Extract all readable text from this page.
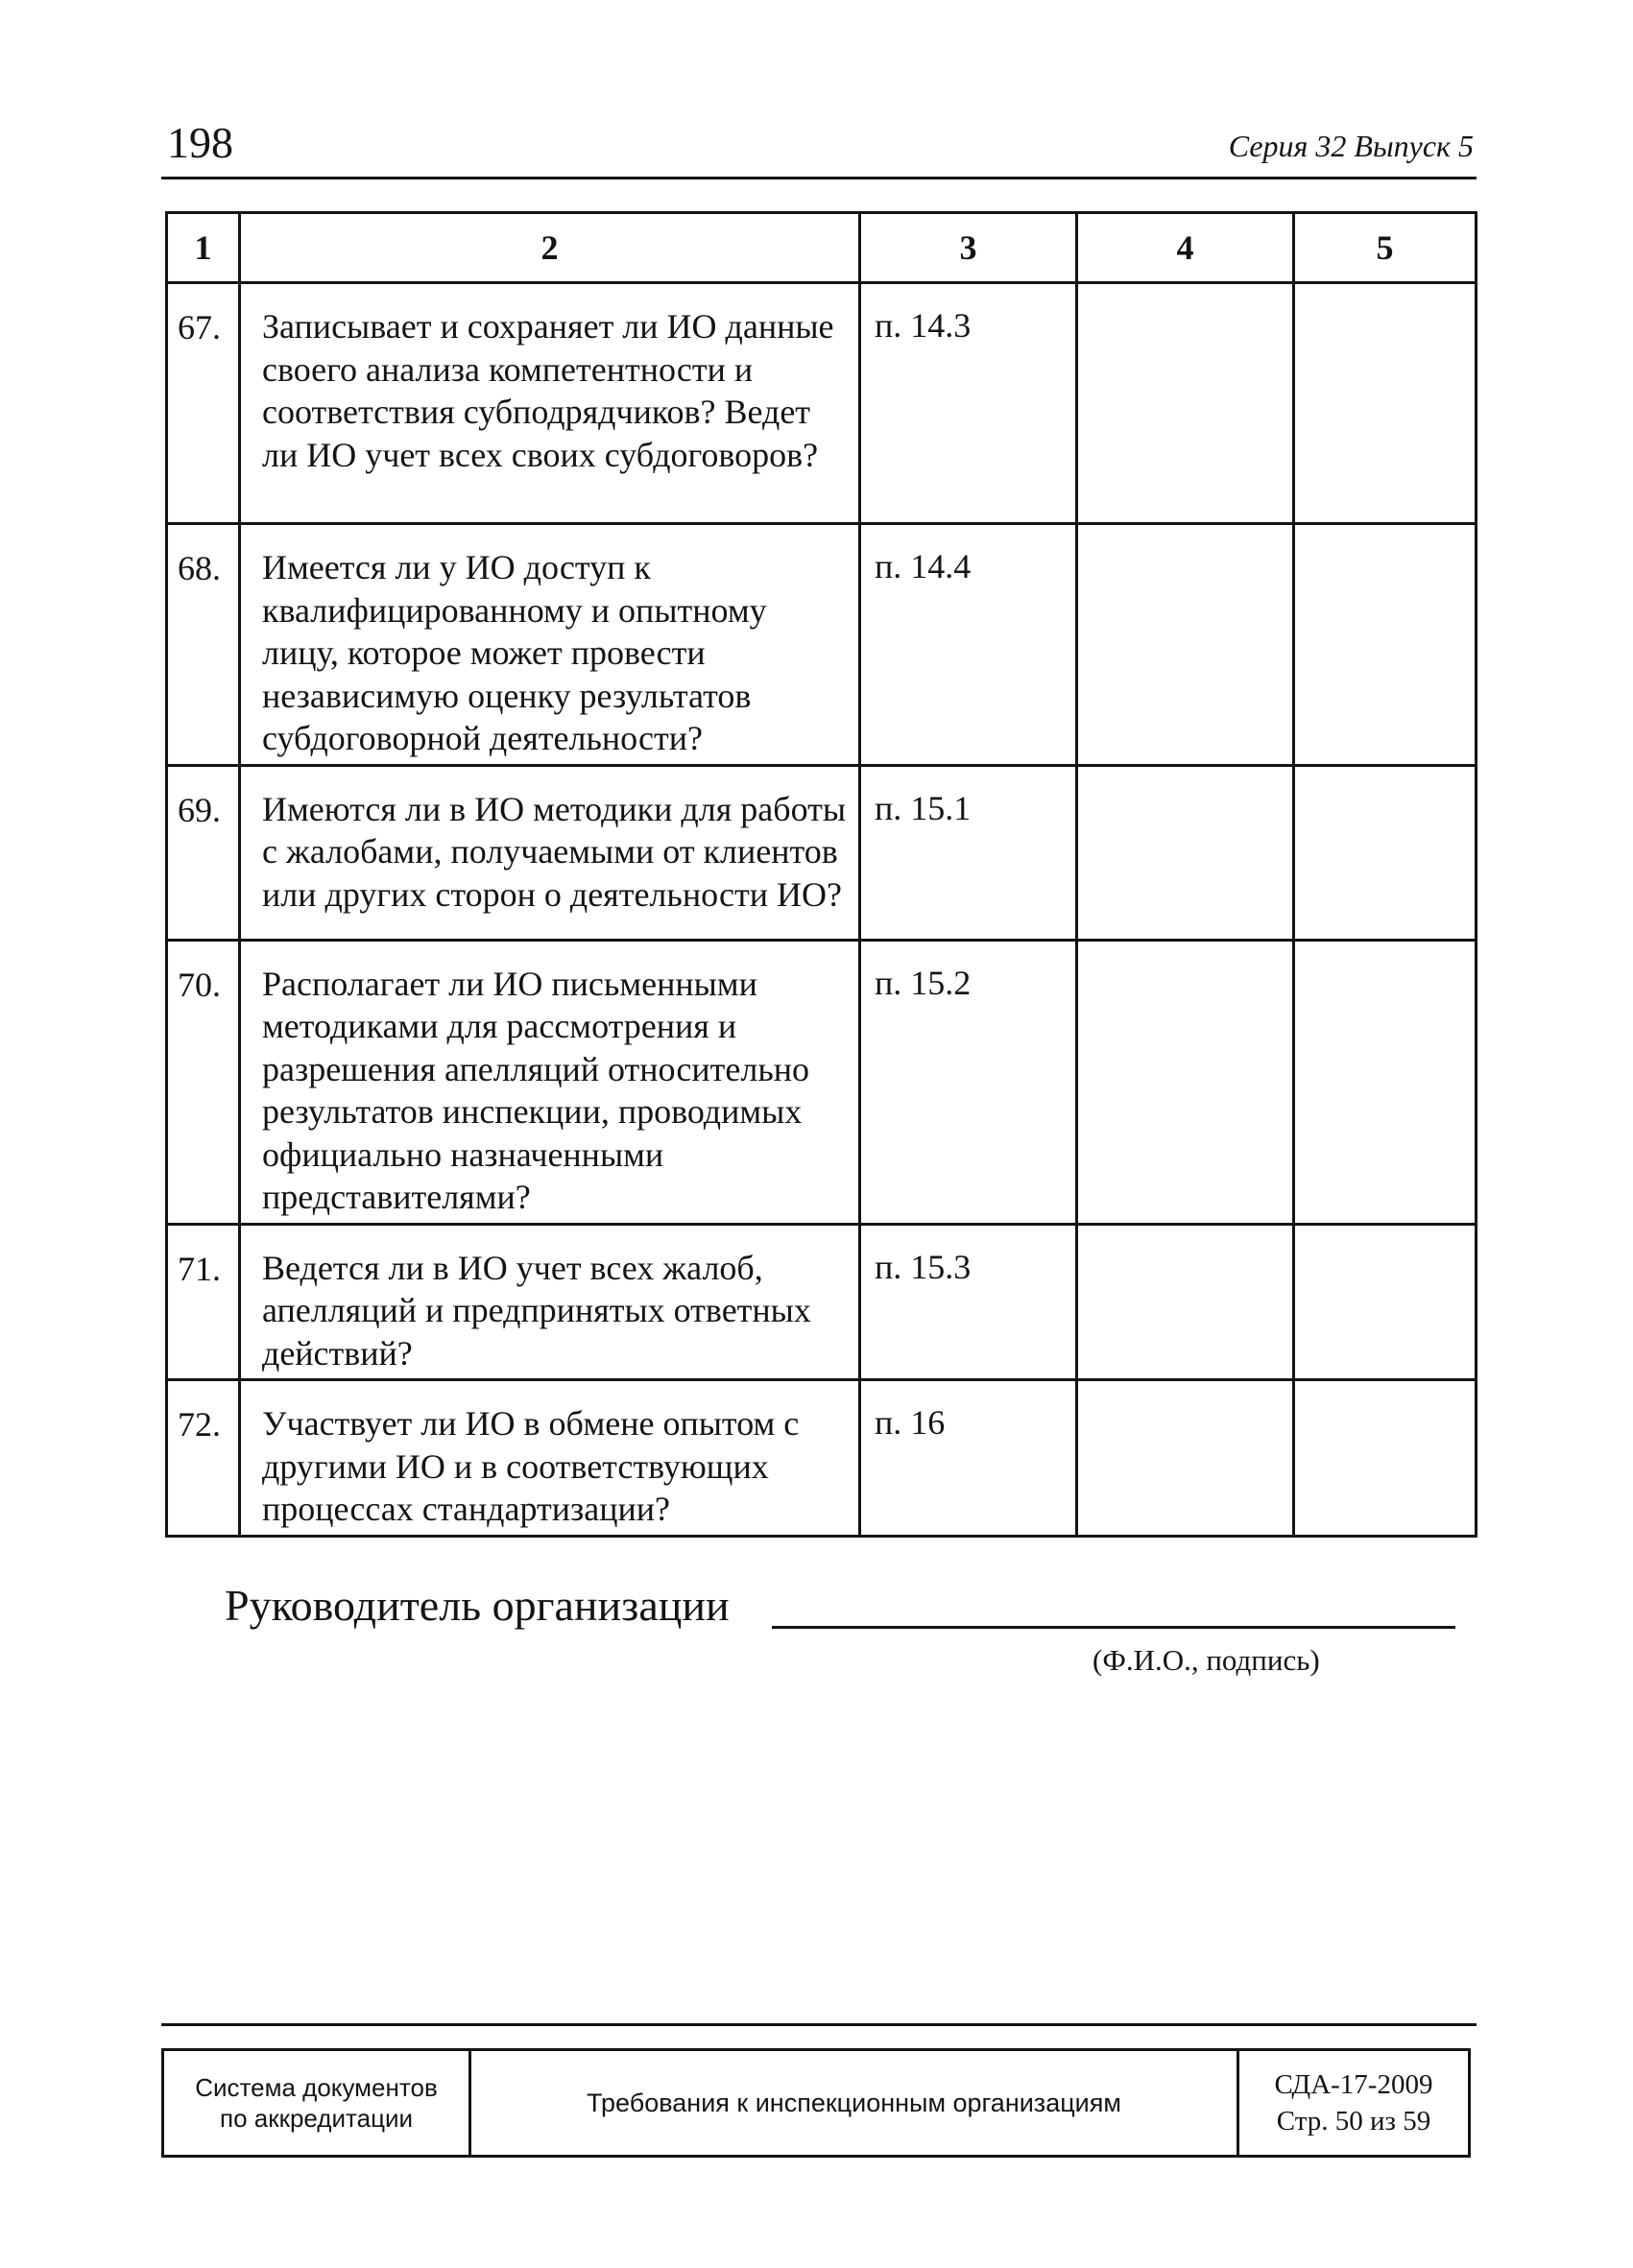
198	Серия 32 Выпуск 5
1	2	3	4	5
67.	Записывает и сохраняет ли ИО данные своего анализа компетентности и соответствия субподрядчиков? Ведет ли ИО учет всех своих субдоговоров?	п. 14.3		
68.	Имеется ли у ИО доступ к квалифицированному и опытному лицу, которое может провести независимую оценку результатов субдоговорной деятельности?	п. 14.4		
69.	Имеются ли в ИО методики для работы с жалобами, получаемыми от клиентов или других сторон о деятельности ИО?	п. 15.1		
70.	Располагает ли ИО письменными методиками для рассмотрения и разрешения апелляций относительно результатов инспекции, проводимых официально назначенными представителями?	п. 15.2		
71.	Ведется ли в ИО учет всех жалоб, апелляций и предпринятых ответных действий?	п. 15.3		
72.	Участвует ли ИО в обмене опытом с другими ИО и в соответствующих процессах стандартизации?	п. 16		
Руководитель организации
(Ф.И.О., подпись)
Система документов
по аккредитации
Требования к инспекционным организациям
СДА-17-2009
Стр. 50 из 59
